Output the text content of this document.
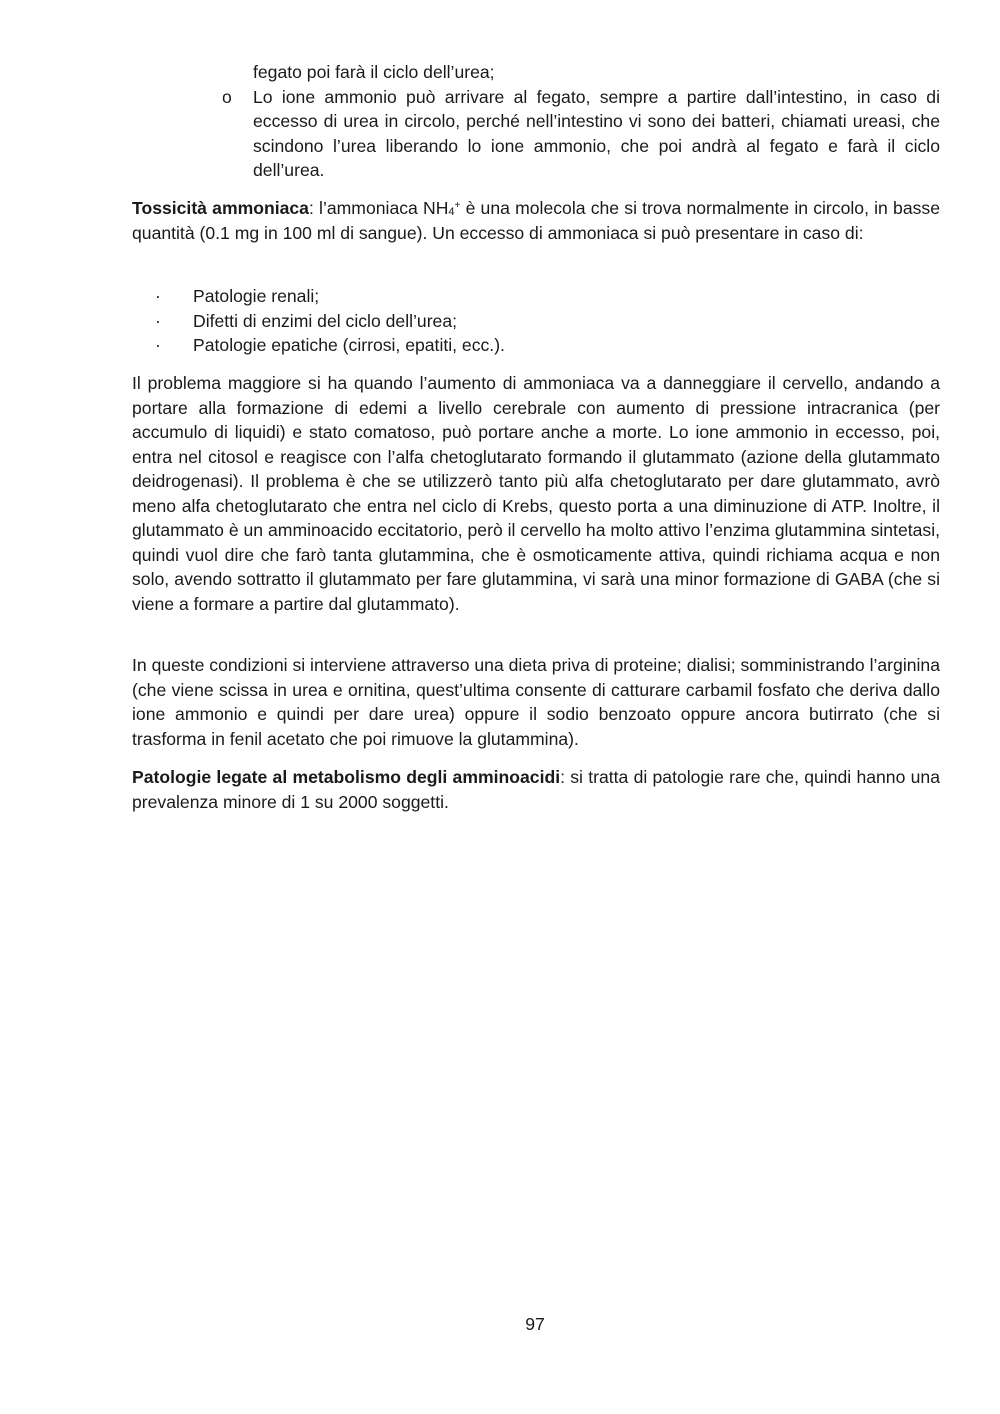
fegato poi farà il ciclo dell’urea;
o	Lo ione ammonio può arrivare al fegato, sempre a partire dall’intestino, in caso di eccesso di urea in circolo, perché nell’intestino vi sono dei batteri, chiamati ureasi, che scindono l’urea liberando lo ione ammonio, che poi andrà al fegato e farà il ciclo dell’urea.
Tossicità ammoniaca: l’ammoniaca $NH_4^+$ è una molecola che si trova normalmente in circolo, in basse quantità (0.1 mg in 100 ml di sangue). Un eccesso di ammoniaca si può presentare in caso di:
· Patologie renali;
· Difetti di enzimi del ciclo dell’urea;
· Patologie epatiche (cirrosi, epatiti, ecc.).
Il problema maggiore si ha quando l’aumento di ammoniaca va a danneggiare il cervello, andando a portare alla formazione di edemi a livello cerebrale con aumento di pressione intracranica (per accumulo di liquidi) e stato comatoso, può portare anche a morte. Lo ione ammonio in eccesso, poi, entra nel citosol e reagisce con l’alfa chetoglutarato formando il glutammato (azione della glutammato deidrogenasi). Il problema è che se utilizzerò tanto più alfa chetoglutarato per dare glutammato, avrò meno alfa chetoglutarato che entra nel ciclo di Krebs, questo porta a una diminuzione di ATP. Inoltre, il glutammato è un amminoacido eccitatorio, però il cervello ha molto attivo l’enzima glutammina sintetasi, quindi vuol dire che farò tanta glutammina, che è osmoticamente attiva, quindi richiama acqua e non solo, avendo sottratto il glutammato per fare glutammina, vi sarà una minor formazione di GABA (che si viene a formare a partire dal glutammato).
In queste condizioni si interviene attraverso una dieta priva di proteine; dialisi; somministrando l’arginina (che viene scissa in urea e ornitina, quest’ultima consente di catturare carbamil fosfato che deriva dallo ione ammonio e quindi per dare urea) oppure il sodio benzoato oppure ancora butirrato (che si trasforma in fenil acetato che poi rimuove la glutammina).
Patologie legate al metabolismo degli amminoacidi: si tratta di patologie rare che, quindi hanno una prevalenza minore di 1 su 2000 soggetti.
97
